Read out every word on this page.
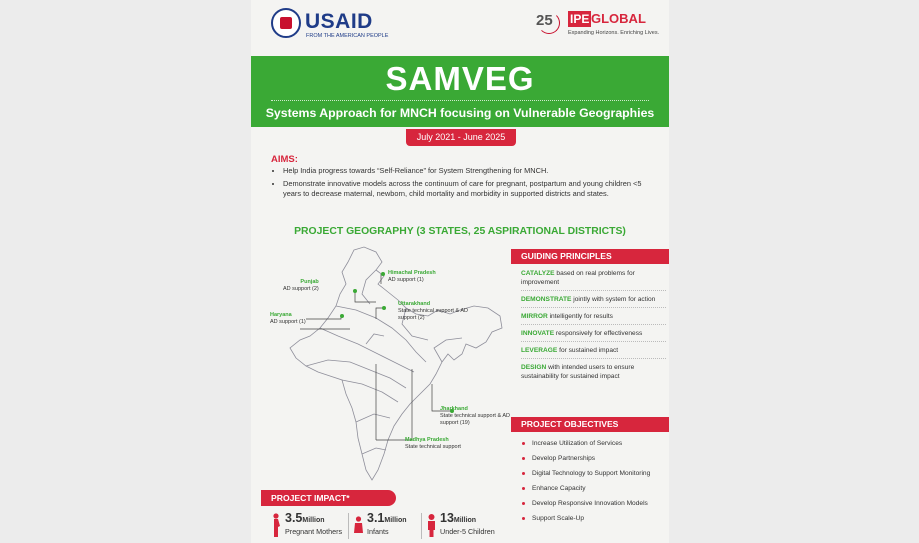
USAID
FROM THE AMERICAN PEOPLE
25 IPE GLOBAL
Expanding Horizons. Enriching Lives.
SAMVEG
Systems Approach for MNCH focusing on Vulnerable Geographies
July 2021 - June 2025
AIMS:
• Help India progress towards “Self-Reliance” for System Strengthening for MNCH.
• Demonstrate innovative models across the continuum of care for pregnant, postpartum and young children <5 years to decrease maternal, newborn, child mortality and morbidity in supported districts and states.
PROJECT GEOGRAPHY (3 STATES, 25 ASPIRATIONAL DISTRICTS)
Himachal Pradesh
AD support (1)
Punjab
AD support (2)
Uttarakhand
State technical support & AD support (2)
Haryana
AD support (1)
Jharkhand
State technical support & AD support (19)
Madhya Pradesh
State technical support
GUIDING PRINCIPLES
CATALYZE based on real problems for improvement
DEMONSTRATE jointly with system for action
MIRROR intelligently for results
INNOVATE responsively for effectiveness
LEVERAGE for sustained impact
DESIGN with intended users to ensure sustainability for sustained impact
PROJECT OBJECTIVES
Increase Utilization of Services
Develop Partnerships
Digital Technology to Support Monitoring
Enhance Capacity
Develop Responsive Innovation Models
Support Scale-Up
PROJECT IMPACT*
3.5Million
Pregnant Mothers
3.1Million
Infants
13Million
Under-5 Children
